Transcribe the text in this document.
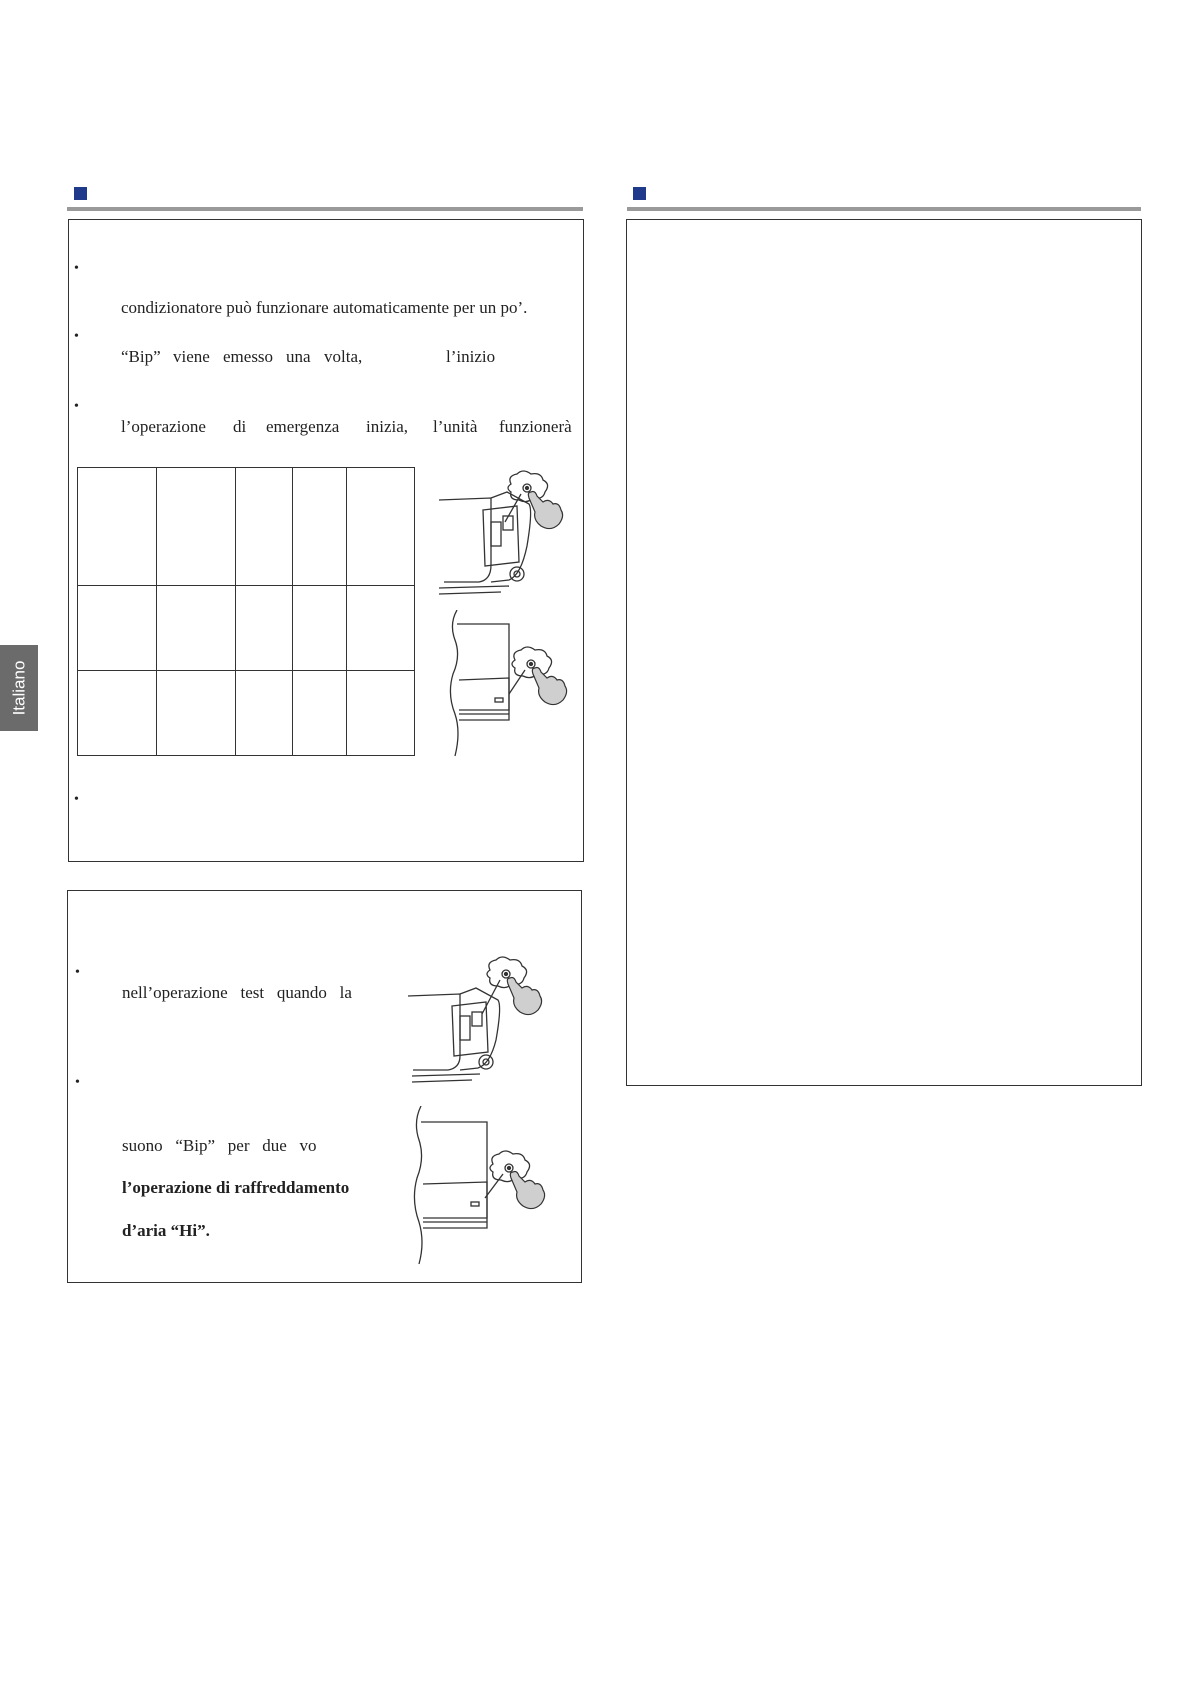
Italiano
•
condizionatore può funzionare automaticamente per un po’.
•
“Bip” viene emesso una volta,	l’inizio
•
l’operazione di emergenza inizia, l’unità funzionerà

•
•
nell’operazione   test   quando   la
•
suono   “Bip”   per   due   vo
l’operazione di raffreddamento
d’aria “Hi”.
